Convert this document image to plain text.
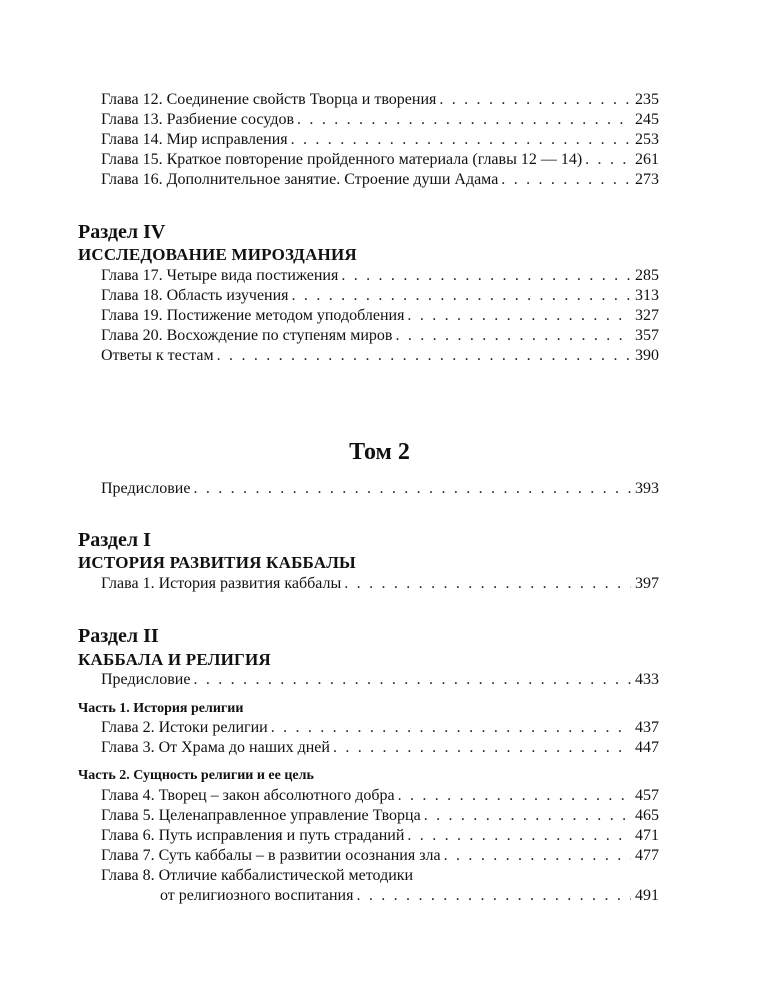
Глава 12. Соединение свойств Творца и творения . . .	235
Глава 13. Разбиение сосудов . . .	245
Глава 14. Мир исправления . . .	253
Глава 15. Краткое повторение пройденного материала (главы 12 — 14) . . .	261
Глава 16. Дополнительное занятие. Строение души Адама . . .	273
Раздел IV
ИССЛЕДОВАНИЕ МИРОЗДАНИЯ
Глава 17. Четыре вида постижения . . .	285
Глава 18. Область изучения . . .	313
Глава 19. Постижение методом уподобления . . .	327
Глава 20. Восхождение по ступеням миров . . .	357
Ответы к тестам . . .	390
Том 2
Предисловие . . .	393
Раздел I
ИСТОРИЯ РАЗВИТИЯ КАББАЛЫ
Глава 1. История развития каббалы . . .	397
Раздел II
КАББАЛА И РЕЛИГИЯ
Предисловие . . .	433
Часть 1. История религии
Глава 2. Истоки религии . . .	437
Глава 3. От Храма до наших дней . . .	447
Часть 2. Сущность религии и ее цель
Глава 4. Творец – закон абсолютного добра . . .	457
Глава 5. Целенаправленное управление Творца . . .	465
Глава 6. Путь исправления и путь страданий . . .	471
Глава 7. Суть каббалы – в развитии осознания зла . . .	477
Глава 8. Отличие каббалистической методики
от религиозного воспитания . . .	491
